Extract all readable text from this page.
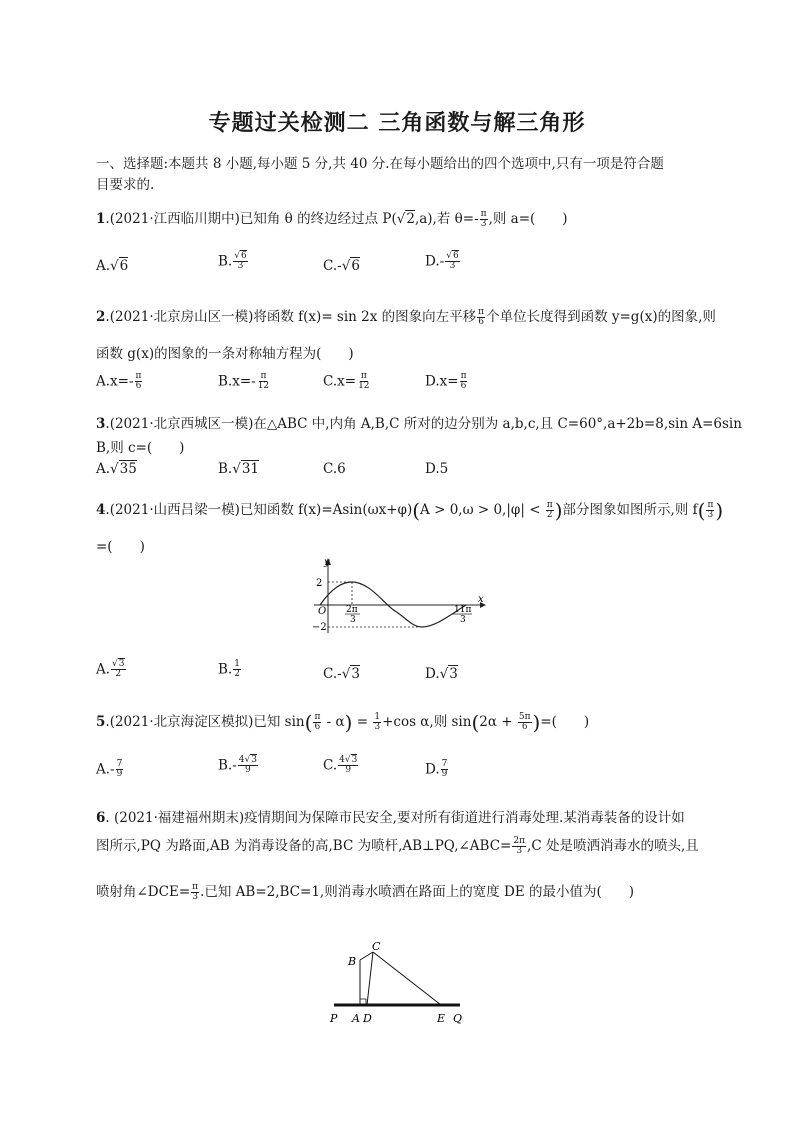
专题过关检测二 三角函数与解三角形
一、选择题:本题共 8 小题,每小题 5 分,共 40 分.在每小题给出的四个选项中,只有一项是符合题
目要求的.
1.(2021·江西临川期中)已知角 θ 的终边经过点 P( √ 2,a),若 $\theta=- \frac{\pi}{3}$ ,则 a=(　　)
A. √ 6	B. √ $\frac{6}{3}$	C.- √ 6	D.- √ $\frac{6}{3}$
2.(2021·北京房山区一模)将函数 f(x)= sin 2x 的图象向左平移 $\frac{\pi}{6}$ 个单位长度得到函数 y=g(x)的图象,则
函数 g(x)的图象的一条对称轴方程为(　　)
$A.x=- \frac{\pi}{6}$	$B.x=- \frac{\pi}{12}$	$C.x= \frac{\pi}{12}$	$D.x= \frac{\pi}{6}$
3.(2021·北京西城区一模)在△ABC 中,内角 A,B,C 所对的边分别为 a,b,c,且 C=60°,a+2b=8,sin A=6sin
B,则 c=(　　)
A. √ 35	B. √ 31	C.6	D.5
4.(2021·山西吕梁一模)已知函数 $f(x)=Asin(\omega x+\varphi)(A > 0,\omega > 0,|\varphi| < \frac{\pi}{2}$ )部分图象如图所示,则 $f( \frac{\pi}{3}$ )
=(　　)
2
−2
O
y
x
2π
3
11π
3
A. √ $\frac{3}{2}$	B. $\frac{1}{2}$	C.- √ 3	D. √ 3
5.(2021·北京海淀区模拟)已知 $\sin( \frac{\pi}{6} - \alpha) = \frac{1}{3} +\cos$ α,则 $\sin(2\alpha + \frac{5\pi}{6}$ )=(　　)
$A.- \frac{7}{9}$	$B.- \frac{4 √ 3}{9}$	C. $\frac{4 √ 3}{9}$	D. $\frac{7}{9}$
6. (2021·福建福州期末)疫情期间为保障市民安全,要对所有街道进行消毒处理.某消毒装备的设计如
图所示,PQ 为路面,AB 为消毒设备的高,BC 为喷杆,AB⊥PQ,∠ABC= $\frac{2\pi}{3} ,C$ 处是喷洒消毒水的喷头,且
喷射角∠DCE= $\frac{\pi}{3}$ .已知 AB=2,BC=1,则消毒水喷洒在路面上的宽度 DE 的最小值为(　　)
P A D	E Q
B
C
